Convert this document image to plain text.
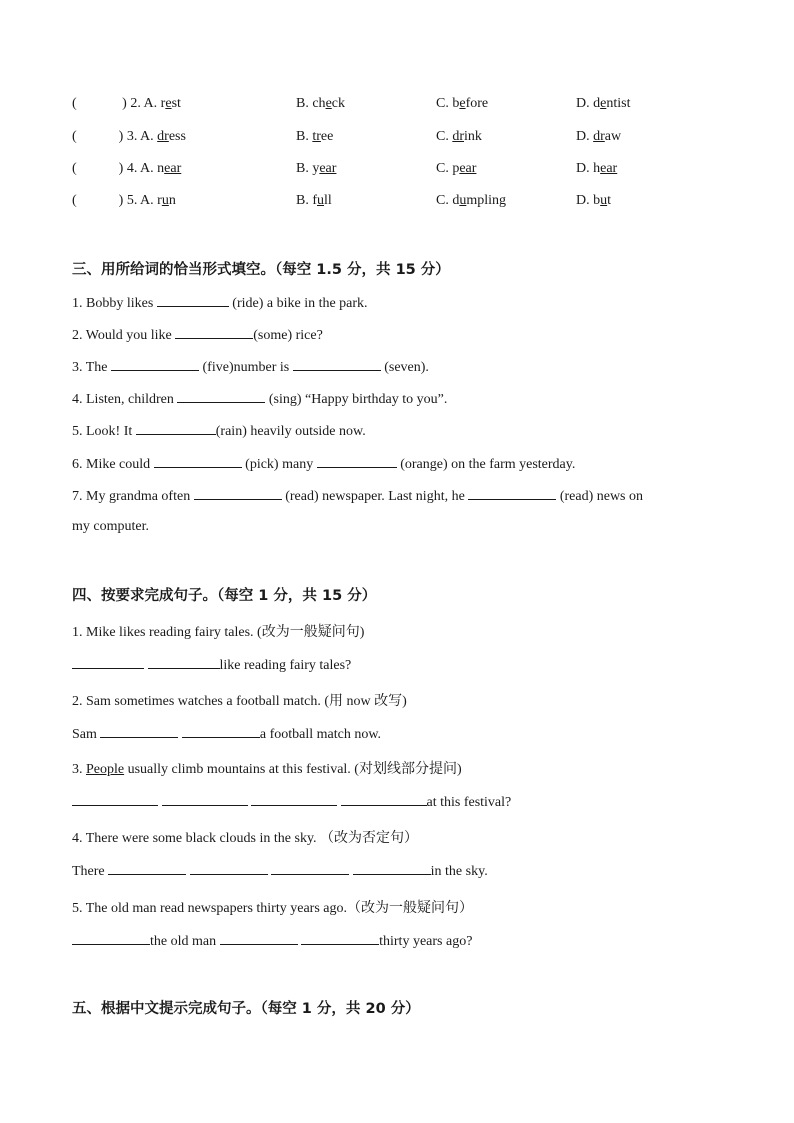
(	) 2. A. rest	B. check	C. before	D. dentist
(	) 3. A. dress	B. tree	C. drink	D. draw
(	) 4. A. near	B. year	C. pear	D. hear
(	) 5. A. run	B. full	C. dumpling	D. but
三、用所给词的恰当形式填空。（每空 1.5 分，共 15 分）
1. Bobby likes	(ride) a bike in the park.
2. Would you like	(some) rice?
3. The	(five)number is	(seven).
4. Listen, children	(sing) “Happy birthday to you”.
5. Look! It	(rain) heavily outside now.
6. Mike could	(pick) many	(orange) on the farm yesterday.
7. My grandma often	(read) newspaper. Last night, he	(read) news on
my computer.
四、按要求完成句子。（每空 1 分，共 15 分）
1. Mike likes reading fairy tales. (改为一般疑问句)
like reading fairy tales?
2. Sam sometimes watches a football match. (用 now 改写)
Sam	a football match now.
3. People usually climb mountains at this festival. (对划线部分提问)
at this festival?
4. There were some black clouds in the sky. （改为否定句）
There	in the sky.
5. The old man read newspapers thirty years ago.（改为一般疑问句）
the old man	thirty years ago?
五、根据中文提示完成句子。（每空 1 分，共 20 分）
